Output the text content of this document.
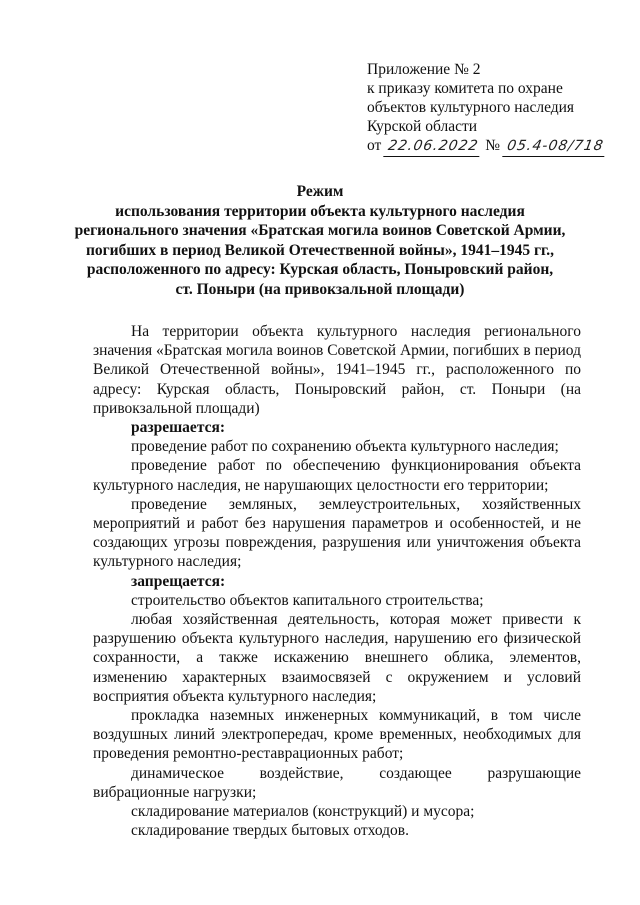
Приложение № 2
к приказу комитета по охране
объектов культурного наследия
Курской области
от 22.06.2022 № 05.4-08/718
Режим
использования территории объекта культурного наследия
регионального значения «Братская могила воинов Советской Армии,
погибших в период Великой Отечественной войны», 1941–1945 гг.,
расположенного по адресу: Курская область, Поныровский район,
ст. Поныри (на привокзальной площади)

На территории объекта культурного наследия регионального значения «Братская могила воинов Советской Армии, погибших в период Великой Отечественной войны», 1941–1945 гг., расположенного по адресу: Курская область, Поныровский район, ст. Поныри (на привокзальной площади)

разрешается:

проведение работ по сохранению объекта культурного наследия;

проведение работ по обеспечению функционирования объекта культурного наследия, не нарушающих целостности его территории;

проведение земляных, землеустроительных, хозяйственных мероприятий и работ без нарушения параметров и особенностей, и не создающих угрозы повреждения, разрушения или уничтожения объекта культурного наследия;

запрещается:

строительство объектов капитального строительства;

любая хозяйственная деятельность, которая может привести к разрушению объекта культурного наследия, нарушению его физической сохранности, а также искажению внешнего облика, элементов, изменению характерных взаимосвязей с окружением и условий восприятия объекта культурного наследия;

прокладка наземных инженерных коммуникаций, в том числе воздушных линий электропередач, кроме временных, необходимых для проведения ремонтно-реставрационных работ;

динамическое воздействие, создающее разрушающие вибрационные нагрузки;

складирование материалов (конструкций) и мусора;

складирование твердых бытовых отходов.
